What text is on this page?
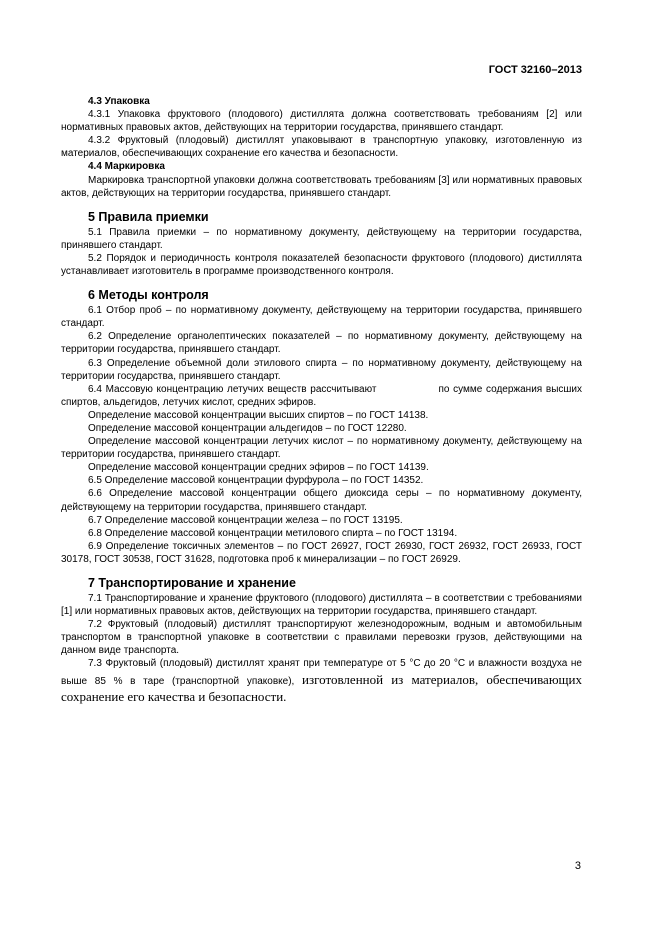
ГОСТ 32160–2013

4.3 Упаковка

4.3.1 Упаковка фруктового (плодового) дистиллята должна соответствовать требованиям [2] или нормативных правовых актов, действующих на территории государства, принявшего стандарт.

4.3.2 Фруктовый (плодовый) дистиллят упаковывают в транспортную упаковку, изготовленную из материалов, обеспечивающих сохранение его качества и безопасности.

4.4 Маркировка

Маркировка транспортной упаковки должна соответствовать требованиям [3] или нормативных правовых актов, действующих на территории государства, принявшего стандарт.

5 Правила приемки

5.1 Правила приемки – по нормативному документу, действующему на территории государства, принявшего стандарт.

5.2 Порядок и периодичность контроля показателей безопасности фруктового (плодового) дистиллята устанавливает изготовитель в программе производственного контроля.

6 Методы контроля

6.1 Отбор проб – по нормативному документу, действующему на территории государства, принявшего стандарт.

6.2 Определение органолептических показателей – по нормативному документу, действующему на территории государства, принявшего стандарт.

6.3 Определение объемной доли этилового спирта – по нормативному документу, действующему на территории государства, принявшего стандарт.

6.4 Массовую концентрацию летучих веществ рассчитывают	по сумме содержания высших спиртов, альдегидов, летучих кислот, средних эфиров.

Определение массовой концентрации высших спиртов – по ГОСТ 14138.

Определение массовой концентрации альдегидов – по ГОСТ 12280.

Определение массовой концентрации летучих кислот – по нормативному документу, действующему на территории государства, принявшего стандарт.

Определение массовой концентрации средних эфиров – по ГОСТ 14139.

6.5 Определение массовой концентрации фурфурола – по ГОСТ 14352.

6.6 Определение массовой концентрации общего диоксида серы – по нормативному документу, действующему на территории государства, принявшего стандарт.

6.7 Определение массовой концентрации железа – по ГОСТ 13195.

6.8 Определение массовой концентрации метилового спирта – по ГОСТ 13194.

6.9 Определение токсичных элементов – по ГОСТ 26927, ГОСТ 26930, ГОСТ 26932, ГОСТ 26933, ГОСТ 30178, ГОСТ 30538, ГОСТ 31628, подготовка проб к минерализации – по ГОСТ 26929.

7 Транспортирование и хранение

7.1 Транспортирование и хранение фруктового (плодового) дистиллята – в соответствии с требованиями [1] или нормативных правовых актов, действующих на территории государства, принявшего стандарт.

7.2 Фруктовый (плодовый) дистиллят транспортируют железнодорожным, водным и автомобильным транспортом в транспортной упаковке в соответствии с правилами перевозки грузов, действующими на данном виде транспорта.

7.3 Фруктовый (плодовый) дистиллят хранят при температуре от 5 °С до 20 °С и влажности воздуха не выше 85 % в таре (транспортной упаковке), изготовленной из материалов, обеспечивающих сохранение его качества и безопасности.

3
